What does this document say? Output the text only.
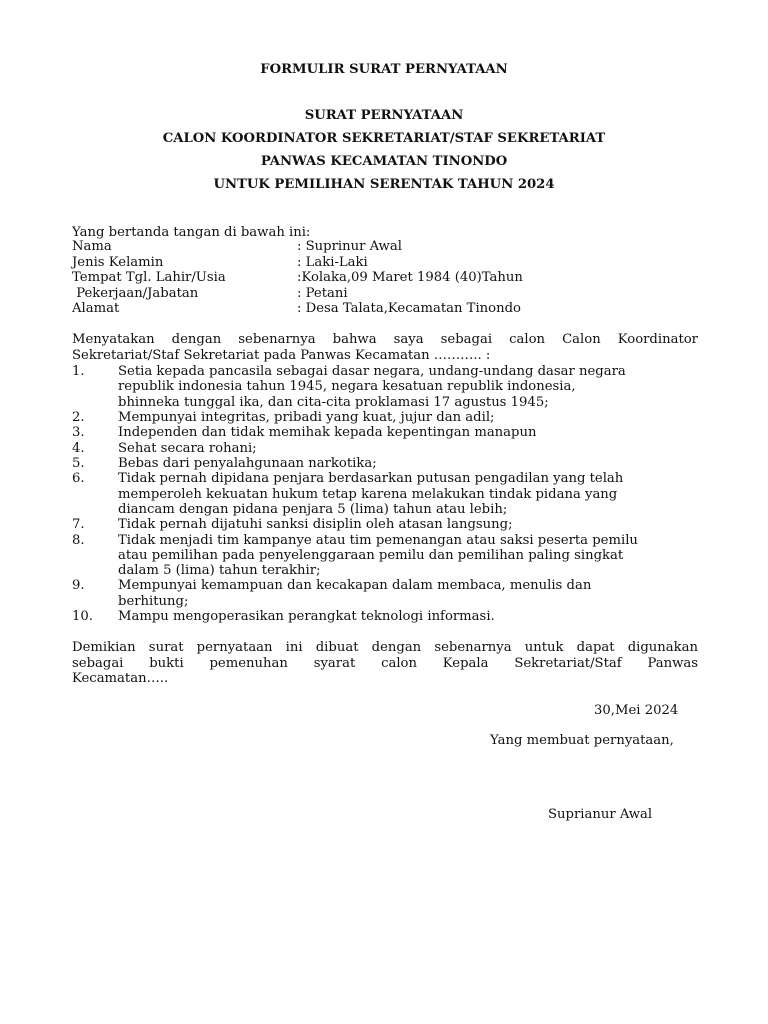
FORMULIR SURAT PERNYATAAN
SURAT PERNYATAAN
CALON KOORDINATOR SEKRETARIAT/STAF SEKRETARIAT
PANWAS KECAMATAN TINONDO
UNTUK PEMILIHAN SERENTAK TAHUN 2024
Yang bertanda tangan di bawah ini:
Nama	: Suprinur Awal
Jenis Kelamin	: Laki-Laki
Tempat Tgl. Lahir/Usia	:Kolaka,09 Maret 1984 (40)Tahun
Pekerjaan/Jabatan	: Petani
Alamat	: Desa Talata,Kecamatan Tinondo
Menyatakan dengan sebenarnya bahwa saya sebagai calon Calon Koordinator
Sekretariat/Staf Sekretariat pada Panwas Kecamatan ……….. :
1.	Setia kepada pancasila sebagai dasar negara, undang-undang dasar negara
republik indonesia tahun 1945, negara kesatuan republik indonesia,
bhinneka tunggal ika, dan cita-cita proklamasi 17 agustus 1945;
2.	Mempunyai integritas, pribadi yang kuat, jujur dan adil;
3.	Independen dan tidak memihak kepada kepentingan manapun
4.	Sehat secara rohani;
5.	Bebas dari penyalahgunaan narkotika;
6.	Tidak pernah dipidana penjara berdasarkan putusan pengadilan yang telah
memperoleh kekuatan hukum tetap karena melakukan tindak pidana yang
diancam dengan pidana penjara 5 (lima) tahun atau lebih;
7.	Tidak pernah dijatuhi sanksi disiplin oleh atasan langsung;
8.	Tidak menjadi tim kampanye atau tim pemenangan atau saksi peserta pemilu
atau pemilihan pada penyelenggaraan pemilu dan pemilihan paling singkat
dalam 5 (lima) tahun terakhir;
9.	Mempunyai kemampuan dan kecakapan dalam membaca, menulis dan
berhitung;
10. Mampu mengoperasikan perangkat teknologi informasi.
Demikian surat pernyataan ini dibuat dengan sebenarnya untuk dapat digunakan
sebagai bukti pemenuhan syarat calon Kepala Sekretariat/Staf Panwas
Kecamatan…..
30,Mei 2024
Yang membuat pernyataan,
Suprianur Awal
